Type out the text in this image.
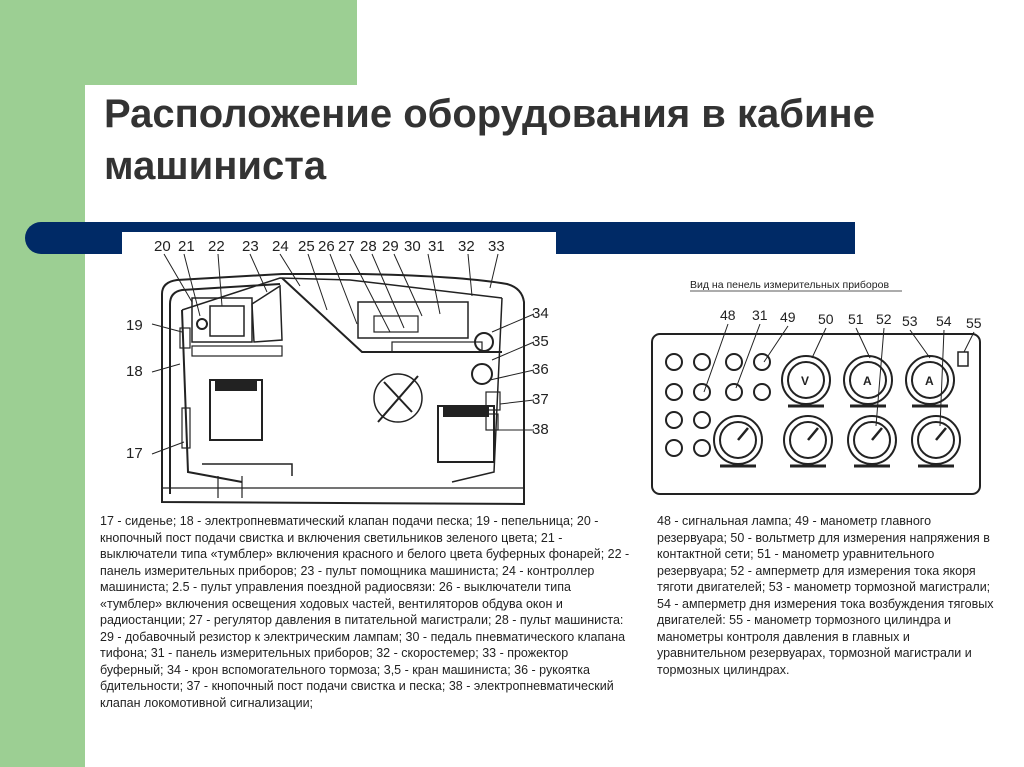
Расположение оборудования в кабине машиниста
20 21 22 23 24 25 26 27 28 29 30 31 32 33
19
18
17
34
35
36
37
38
Вид на пенель измерительных приборов
48 31 49 50 51 52 53 54 55
V	A	A

17 - сиденье; 18 - электропневматический клапан подачи песка; 19 - пепельница; 20 - кнопочный пост подачи свистка и включения светильников зеленого цвета; 21 - выключатели типа «тумблер» включения красного и белого цвета буферных фонарей; 22 - панель измерительных приборов; 23 - пульт помощника машиниста; 24 - контроллер машиниста; 2.5 - пульт управления поездной радиосвязи: 26 - выключатели типа «тумблер» включения освещения ходовых частей, вентиляторов обдува окон и радиостанции; 27 - регулятор давления в питательной магистрали; 28 - пульт машиниста: 29 - добавочный резистор к электрическим лампам; 30 - педаль пневматического клапана тифона; 31 - панель измерительных приборов; 32 - скоростемер; 33 - прожектор буферный; 34 - крон вспомогательного тормоза; 3,5 - кран машиниста; 36 - рукоятка бдительности; 37 - кнопочный пост подачи свистка и песка; 38 - электропневматический клапан локомотивной сигнализации;

48 - сигнальная лампа; 49 - манометр главного резервуара; 50 - вольтметр для измерения напряжения в контактной сети; 51 - манометр уравнительного резервуара; 52 - амперметр для измерения тока якоря тяготи двигателей; 53 - манометр тормозной магистрали; 54 - амперметр дня измерения тока возбуждения тяговых двигателей: 55 - манометр тормозного цилиндра и манометры контроля давления в главных и уравнительном резервуарах, тормозной магистрали и тормозных цилиндрах.
